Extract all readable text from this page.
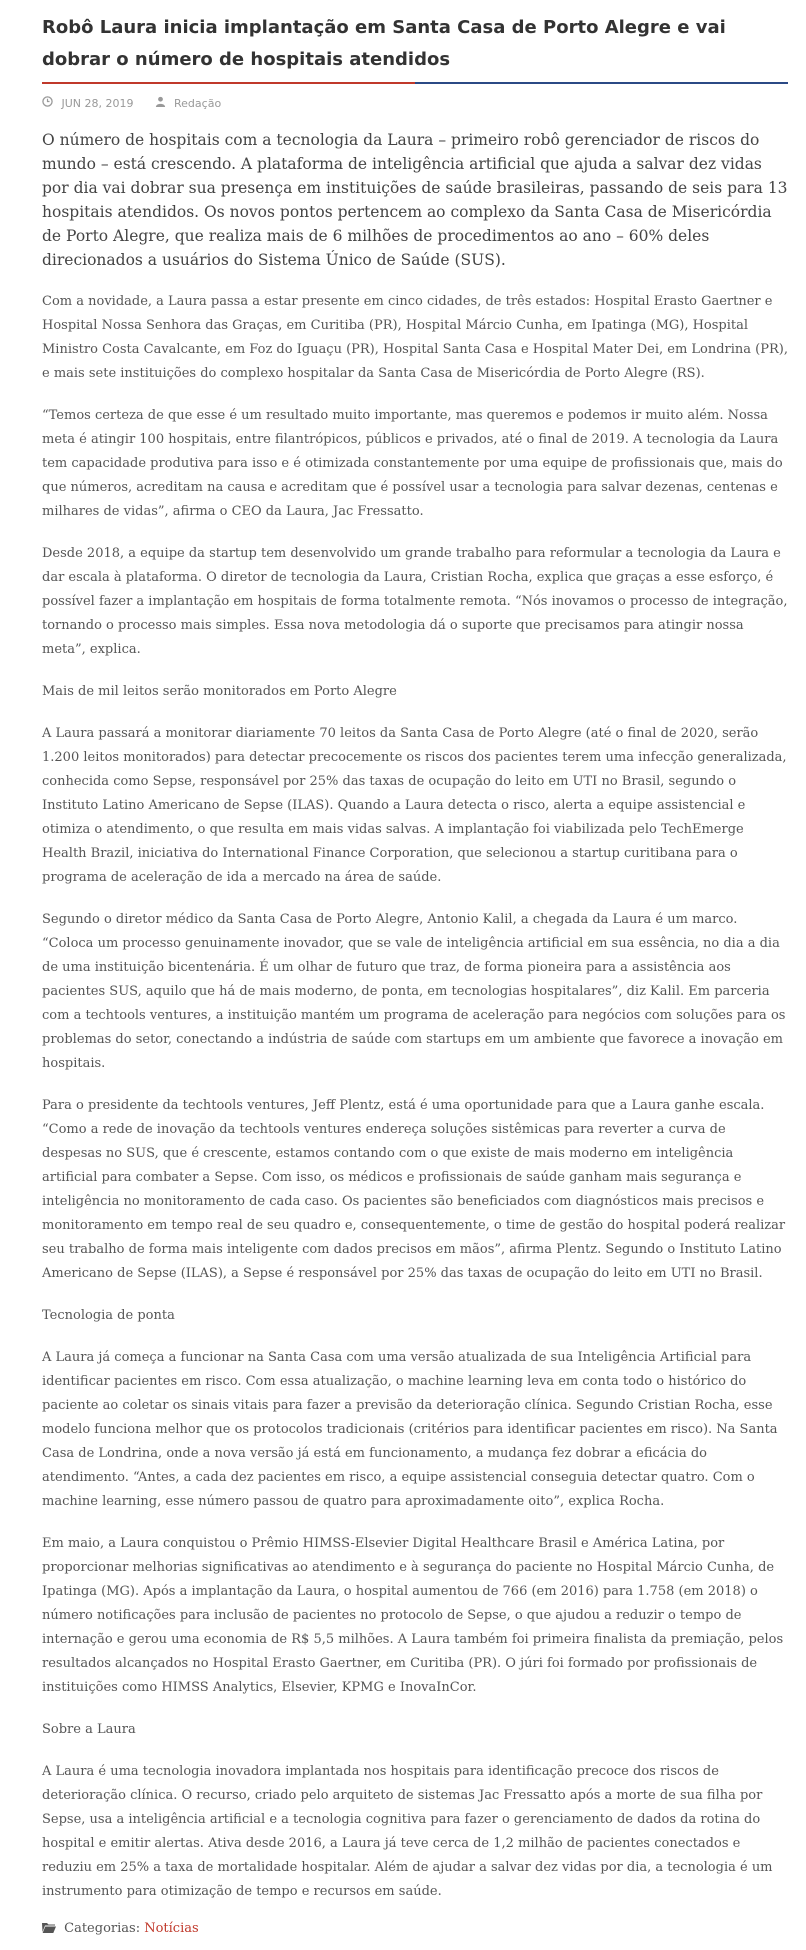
Robô Laura inicia implantação em Santa Casa de Porto Alegre e vai dobrar o número de hospitais atendidos
JUN 28, 2019	Redação

O número de hospitais com a tecnologia da Laura – primeiro robô gerenciador de riscos do mundo – está crescendo. A plataforma de inteligência artificial que ajuda a salvar dez vidas por dia vai dobrar sua presença em instituições de saúde brasileiras, passando de seis para 13 hospitais atendidos. Os novos pontos pertencem ao complexo da Santa Casa de Misericórdia de Porto Alegre, que realiza mais de 6 milhões de procedimentos ao ano – 60% deles direcionados a usuários do Sistema Único de Saúde (SUS).

Com a novidade, a Laura passa a estar presente em cinco cidades, de três estados: Hospital Erasto Gaertner e Hospital Nossa Senhora das Graças, em Curitiba (PR), Hospital Márcio Cunha, em Ipatinga (MG), Hospital Ministro Costa Cavalcante, em Foz do Iguaçu (PR), Hospital Santa Casa e Hospital Mater Dei, em Londrina (PR), e mais sete instituições do complexo hospitalar da Santa Casa de Misericórdia de Porto Alegre (RS).

“Temos certeza de que esse é um resultado muito importante, mas queremos e podemos ir muito além. Nossa meta é atingir 100 hospitais, entre filantrópicos, públicos e privados, até o final de 2019. A tecnologia da Laura tem capacidade produtiva para isso e é otimizada constantemente por uma equipe de profissionais que, mais do que números, acreditam na causa e acreditam que é possível usar a tecnologia para salvar dezenas, centenas e milhares de vidas”, afirma o CEO da Laura, Jac Fressatto.

Desde 2018, a equipe da startup tem desenvolvido um grande trabalho para reformular a tecnologia da Laura e dar escala à plataforma. O diretor de tecnologia da Laura, Cristian Rocha, explica que graças a esse esforço, é possível fazer a implantação em hospitais de forma totalmente remota. “Nós inovamos o processo de integração, tornando o processo mais simples. Essa nova metodologia dá o suporte que precisamos para atingir nossa meta”, explica.

Mais de mil leitos serão monitorados em Porto Alegre

A Laura passará a monitorar diariamente 70 leitos da Santa Casa de Porto Alegre (até o final de 2020, serão 1.200 leitos monitorados) para detectar precocemente os riscos dos pacientes terem uma infecção generalizada, conhecida como Sepse, responsável por 25% das taxas de ocupação do leito em UTI no Brasil, segundo o Instituto Latino Americano de Sepse (ILAS). Quando a Laura detecta o risco, alerta a equipe assistencial e otimiza o atendimento, o que resulta em mais vidas salvas. A implantação foi viabilizada pelo TechEmerge Health Brazil, iniciativa do International Finance Corporation, que selecionou a startup curitibana para o programa de aceleração de ida a mercado na área de saúde.

Segundo o diretor médico da Santa Casa de Porto Alegre, Antonio Kalil, a chegada da Laura é um marco. “Coloca um processo genuinamente inovador, que se vale de inteligência artificial em sua essência, no dia a dia de uma instituição bicentenária. É um olhar de futuro que traz, de forma pioneira para a assistência aos pacientes SUS, aquilo que há de mais moderno, de ponta, em tecnologias hospitalares”, diz Kalil. Em parceria com a techtools ventures, a instituição mantém um programa de aceleração para negócios com soluções para os problemas do setor, conectando a indústria de saúde com startups em um ambiente que favorece a inovação em hospitais.

Para o presidente da techtools ventures, Jeff Plentz, está é uma oportunidade para que a Laura ganhe escala. “Como a rede de inovação da techtools ventures endereça soluções sistêmicas para reverter a curva de despesas no SUS, que é crescente, estamos contando com o que existe de mais moderno em inteligência artificial para combater a Sepse. Com isso, os médicos e profissionais de saúde ganham mais segurança e inteligência no monitoramento de cada caso. Os pacientes são beneficiados com diagnósticos mais precisos e monitoramento em tempo real de seu quadro e, consequentemente, o time de gestão do hospital poderá realizar seu trabalho de forma mais inteligente com dados precisos em mãos”, afirma Plentz. Segundo o Instituto Latino Americano de Sepse (ILAS), a Sepse é responsável por 25% das taxas de ocupação do leito em UTI no Brasil.

Tecnologia de ponta

A Laura já começa a funcionar na Santa Casa com uma versão atualizada de sua Inteligência Artificial para identificar pacientes em risco. Com essa atualização, o machine learning leva em conta todo o histórico do paciente ao coletar os sinais vitais para fazer a previsão da deterioração clínica. Segundo Cristian Rocha, esse modelo funciona melhor que os protocolos tradicionais (critérios para identificar pacientes em risco). Na Santa Casa de Londrina, onde a nova versão já está em funcionamento, a mudança fez dobrar a eficácia do atendimento. “Antes, a cada dez pacientes em risco, a equipe assistencial conseguia detectar quatro. Com o machine learning, esse número passou de quatro para aproximadamente oito”, explica Rocha.

Em maio, a Laura conquistou o Prêmio HIMSS-Elsevier Digital Healthcare Brasil e América Latina, por proporcionar melhorias significativas ao atendimento e à segurança do paciente no Hospital Márcio Cunha, de Ipatinga (MG). Após a implantação da Laura, o hospital aumentou de 766 (em 2016) para 1.758 (em 2018) o número notificações para inclusão de pacientes no protocolo de Sepse, o que ajudou a reduzir o tempo de internação e gerou uma economia de R$ 5,5 milhões. A Laura também foi primeira finalista da premiação, pelos resultados alcançados no Hospital Erasto Gaertner, em Curitiba (PR). O júri foi formado por profissionais de instituições como HIMSS Analytics, Elsevier, KPMG e InovaInCor.

Sobre a Laura

A Laura é uma tecnologia inovadora implantada nos hospitais para identificação precoce dos riscos de deterioração clínica. O recurso, criado pelo arquiteto de sistemas Jac Fressatto após a morte de sua filha por Sepse, usa a inteligência artificial e a tecnologia cognitiva para fazer o gerenciamento de dados da rotina do hospital e emitir alertas. Ativa desde 2016, a Laura já teve cerca de 1,2 milhão de pacientes conectados e reduziu em 25% a taxa de mortalidade hospitalar. Além de ajudar a salvar dez vidas por dia, a tecnologia é um instrumento para otimização de tempo e recursos em saúde.

Categorias: Notícias
